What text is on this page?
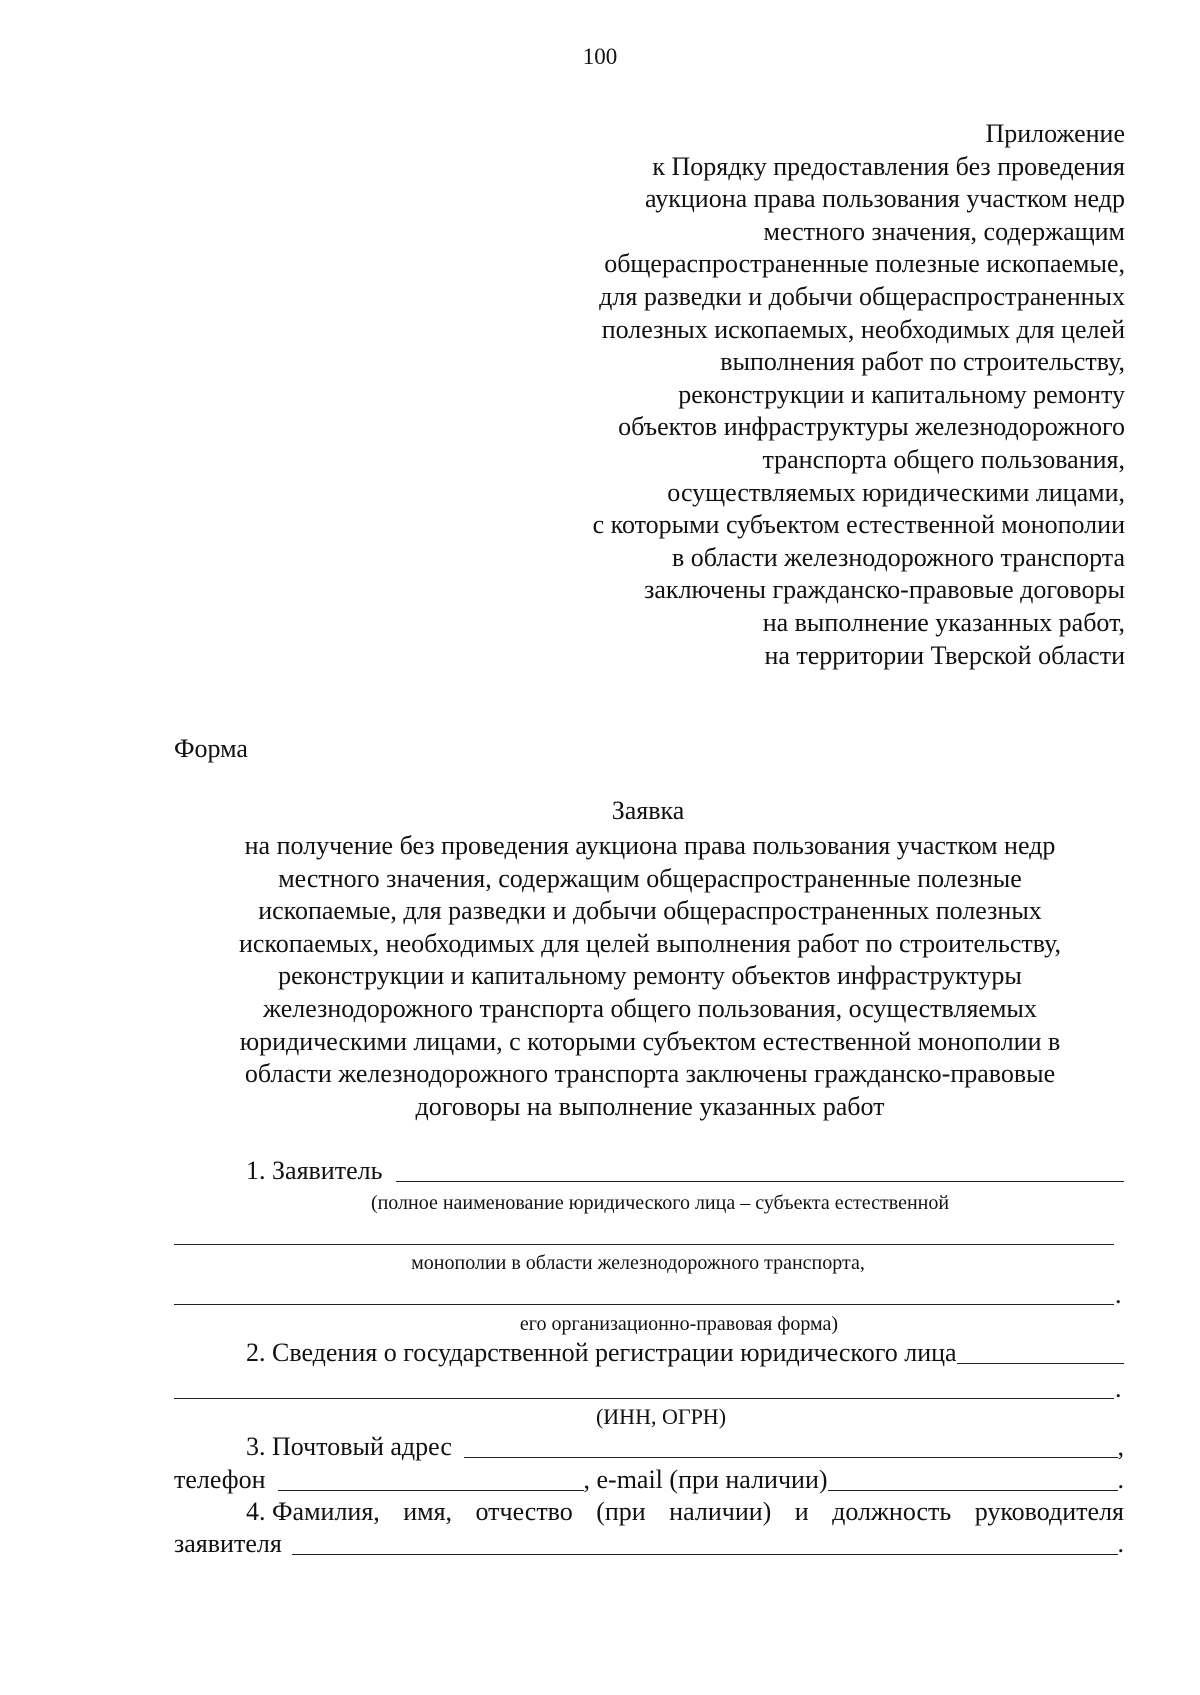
100
Приложение
к Порядку предоставления без проведения
аукциона права пользования участком недр
местного значения, содержащим
общераспространенные полезные ископаемые,
для разведки и добычи общераспространенных
полезных ископаемых, необходимых для целей
выполнения работ по строительству,
реконструкции и капитальному ремонту
объектов инфраструктуры железнодорожного
транспорта общего пользования,
осуществляемых юридическими лицами,
с которыми субъектом естественной монополии
в области железнодорожного транспорта
заключены гражданско-правовые договоры
на выполнение указанных работ,
на территории Тверской области
Форма
Заявка
на получение без проведения аукциона права пользования участком недр
местного значения, содержащим общераспространенные полезные
ископаемые, для разведки и добычи общераспространенных полезных
ископаемых, необходимых для целей выполнения работ по строительству,
реконструкции и капитальному ремонту объектов инфраструктуры
железнодорожного транспорта общего пользования, осуществляемых
юридическими лицами, с которыми субъектом естественной монополии в
области железнодорожного транспорта заключены гражданско-правовые
договоры на выполнение указанных работ
1. Заявитель
(полное наименование юридического лица – субъекта естественной
монополии в области железнодорожного транспорта,
.
его организационно-правовая форма)
2. Сведения о государственной регистрации юридического лица
.
(ИНН, ОГРН)
3. Почтовый адрес	,
телефон	, e-mail (при наличии)	.
4. Фамилия, имя, отчество (при наличии) и должность руководителя
заявителя	.
